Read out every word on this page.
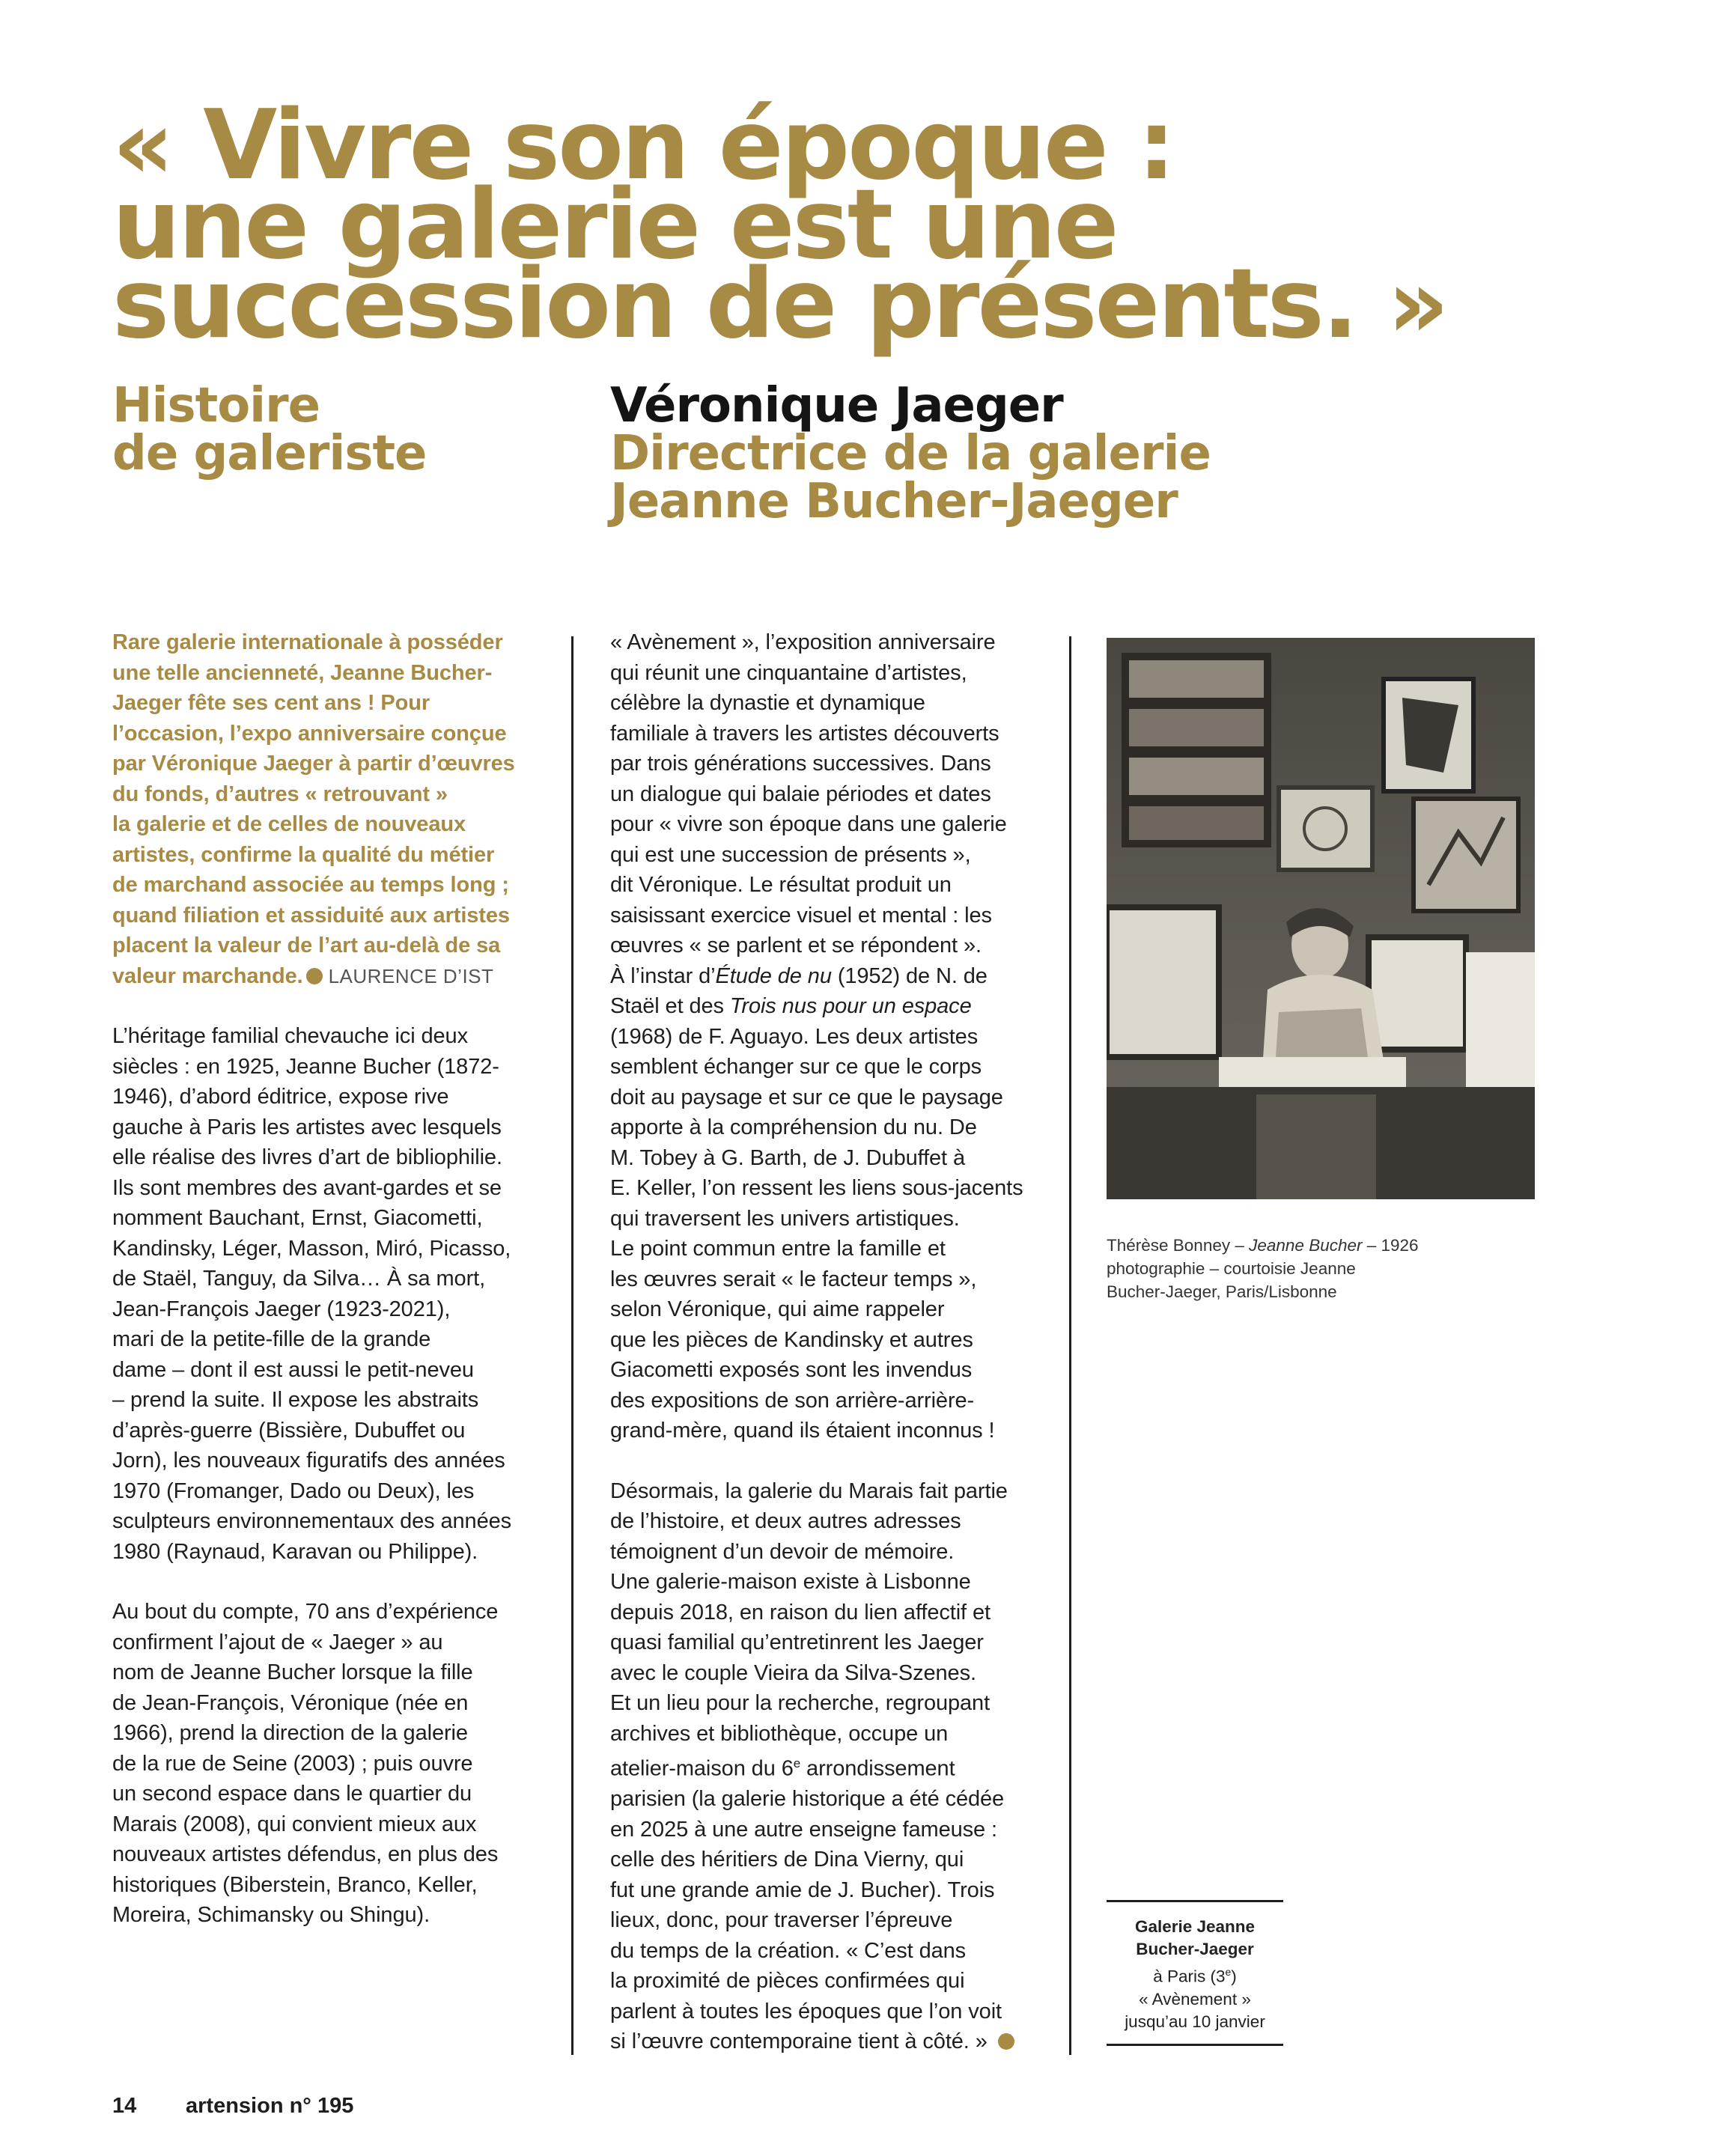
« Vivre son époque :
une galerie est une
succession de présents. »
Histoire
de galeriste
Véronique Jaeger
Directrice de la galerie
Jeanne Bucher-Jaeger

Rare galerie internationale à posséder
une telle ancienneté, Jeanne Bucher-
Jaeger fête ses cent ans ! Pour
l’occasion, l’expo anniversaire conçue
par Véronique Jaeger à partir d’œuvres
du fonds, d’autres « retrouvant »
la galerie et de celles de nouveaux
artistes, confirme la qualité du métier
de marchand associée au temps long ;
quand filiation et assiduité aux artistes
placent la valeur de l’art au-delà de sa
valeur marchande. LAURENCE D’IST

L’héritage familial chevauche ici deux
siècles : en 1925, Jeanne Bucher (1872-
1946), d’abord éditrice, expose rive
gauche à Paris les artistes avec lesquels
elle réalise des livres d’art de bibliophilie.
Ils sont membres des avant-gardes et se
nomment Bauchant, Ernst, Giacometti,
Kandinsky, Léger, Masson, Miró, Picasso,
de Staël, Tanguy, da Silva… À sa mort,
Jean-François Jaeger (1923-2021),
mari de la petite-fille de la grande
dame – dont il est aussi le petit-neveu
– prend la suite. Il expose les abstraits
d’après-guerre (Bissière, Dubuffet ou
Jorn), les nouveaux figuratifs des années
1970 (Fromanger, Dado ou Deux), les
sculpteurs environnementaux des années
1980 (Raynaud, Karavan ou Philippe).

Au bout du compte, 70 ans d’expérience
confirment l’ajout de « Jaeger » au
nom de Jeanne Bucher lorsque la fille
de Jean-François, Véronique (née en
1966), prend la direction de la galerie
de la rue de Seine (2003) ; puis ouvre
un second espace dans le quartier du
Marais (2008), qui convient mieux aux
nouveaux artistes défendus, en plus des
historiques (Biberstein, Branco, Keller,
Moreira, Schimansky ou Shingu).

« Avènement », l’exposition anniversaire
qui réunit une cinquantaine d’artistes,
célèbre la dynastie et dynamique
familiale à travers les artistes découverts
par trois générations successives. Dans
un dialogue qui balaie périodes et dates
pour « vivre son époque dans une galerie
qui est une succession de présents »,
dit Véronique. Le résultat produit un
saisissant exercice visuel et mental : les
œuvres « se parlent et se répondent ».
À l’instar d’Étude de nu (1952) de N. de
Staël et des Trois nus pour un espace
(1968) de F. Aguayo. Les deux artistes
semblent échanger sur ce que le corps
doit au paysage et sur ce que le paysage
apporte à la compréhension du nu. De
M. Tobey à G. Barth, de J. Dubuffet à
E. Keller, l’on ressent les liens sous-jacents
qui traversent les univers artistiques.
Le point commun entre la famille et
les œuvres serait « le facteur temps »,
selon Véronique, qui aime rappeler
que les pièces de Kandinsky et autres
Giacometti exposés sont les invendus
des expositions de son arrière-arrière-
grand-mère, quand ils étaient inconnus !

Désormais, la galerie du Marais fait partie
de l’histoire, et deux autres adresses
témoignent d’un devoir de mémoire.
Une galerie-maison existe à Lisbonne
depuis 2018, en raison du lien affectif et
quasi familial qu’entretinrent les Jaeger
avec le couple Vieira da Silva-Szenes.
Et un lieu pour la recherche, regroupant
archives et bibliothèque, occupe un
atelier-maison du 6e arrondissement
parisien (la galerie historique a été cédée
en 2025 à une autre enseigne fameuse :
celle des héritiers de Dina Vierny, qui
fut une grande amie de J. Bucher). Trois
lieux, donc, pour traverser l’épreuve
du temps de la création. « C’est dans
la proximité de pièces confirmées qui
parlent à toutes les époques que l’on voit
si l’œuvre contemporaine tient à côté. »

Thérèse Bonney – Jeanne Bucher – 1926
photographie – courtoisie Jeanne
Bucher-Jaeger, Paris/Lisbonne
Galerie Jeanne
Bucher-Jaeger
à Paris (3e)
« Avènement »
jusqu’au 10 janvier
14 artension n° 195
